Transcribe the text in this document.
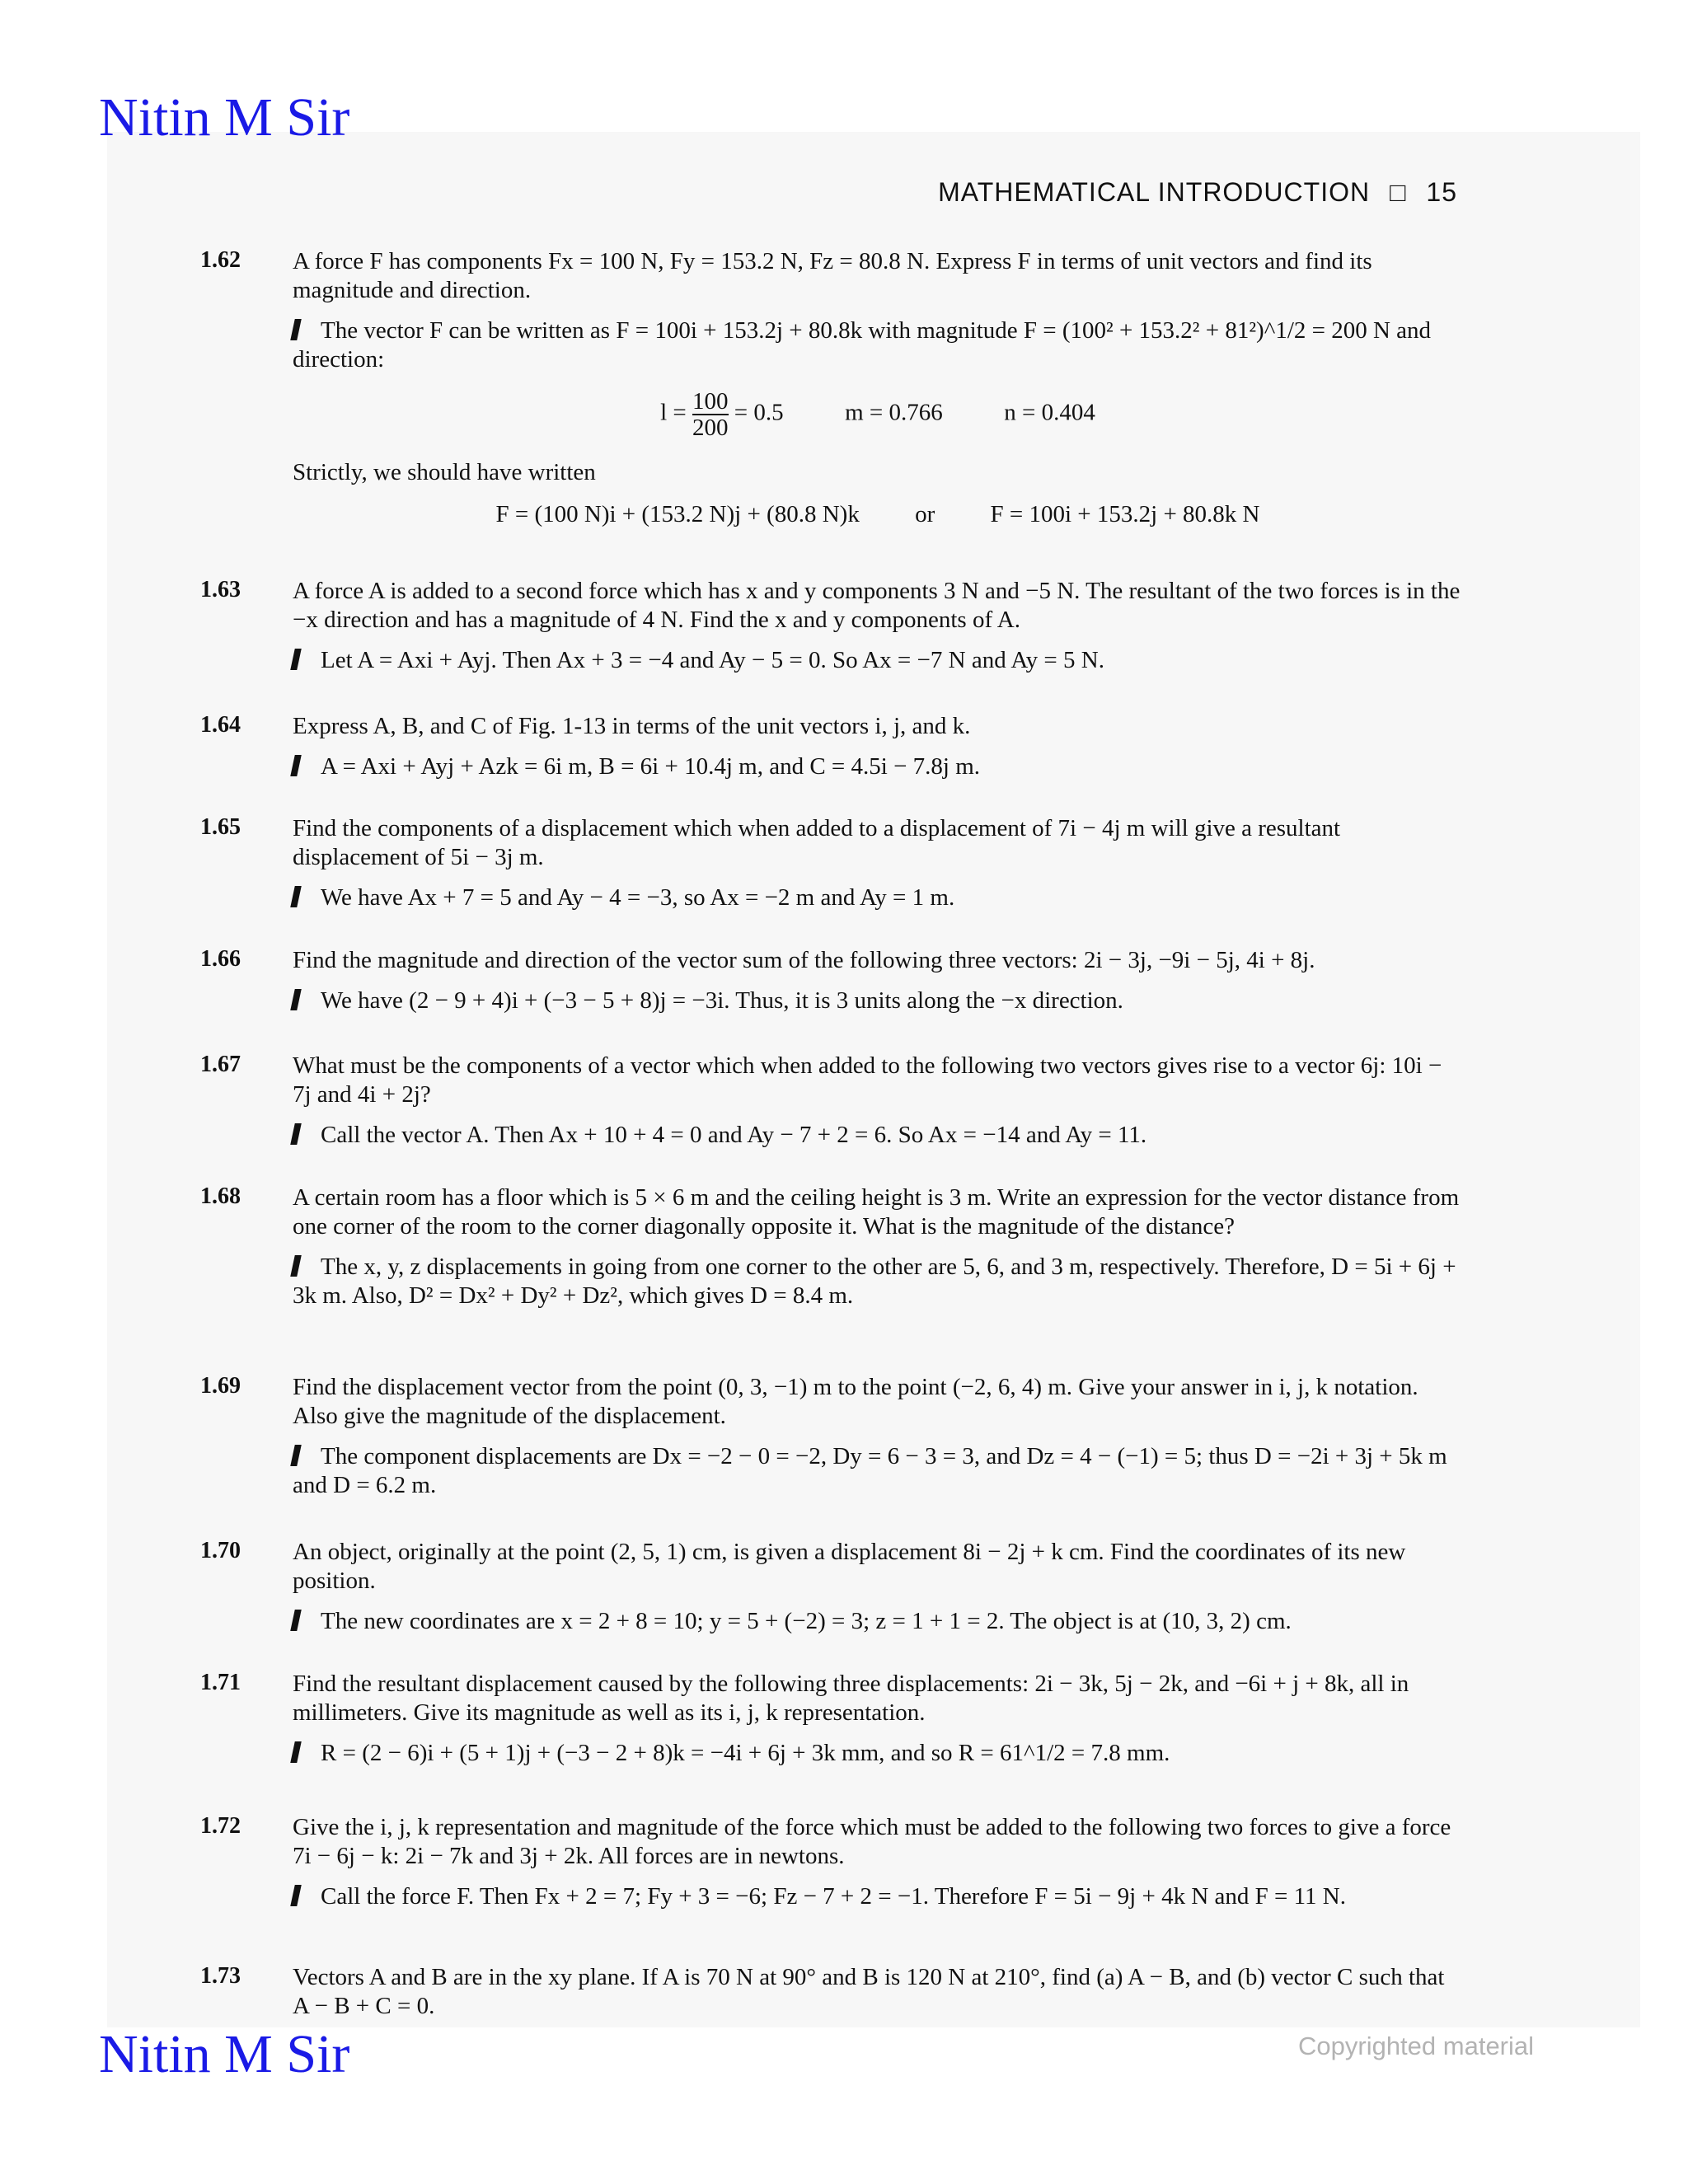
Nitin M Sir
MATHEMATICAL INTRODUCTION □ 15
1.62	A force F has components Fx = 100 N, Fy = 153.2 N, Fz = 80.8 N. Express F in terms of unit vectors and find its magnitude and direction.

The vector F can be written as F = 100i + 153.2j + 80.8k with magnitude F = (100² + 153.2² + 81²)^1/2 = 200 N and direction:

$l = \frac{100}{200} = 0.5$	m = 0.766	n = 0.404

Strictly, we should have written

F = (100 N)i + (153.2 N)j + (80.8 N)k or F = 100i + 153.2j + 80.8k N
1.63	A force A is added to a second force which has x and y components 3 N and −5 N. The resultant of the two forces is in the −x direction and has a magnitude of 4 N. Find the x and y components of A.

Let A = Axi + Ayj. Then Ax + 3 = −4 and Ay − 5 = 0. So Ax = −7 N and Ay = 5 N.

1.64	Express A, B, and C of Fig. 1-13 in terms of the unit vectors i, j, and k.

A = Axi + Ayj + Azk = 6i m, B = 6i + 10.4j m, and C = 4.5i − 7.8j m.

1.65	Find the components of a displacement which when added to a displacement of 7i − 4j m will give a resultant displacement of 5i − 3j m.

We have Ax + 7 = 5 and Ay − 4 = −3, so Ax = −2 m and Ay = 1 m.

1.66	Find the magnitude and direction of the vector sum of the following three vectors: 2i − 3j, −9i − 5j, 4i + 8j.

We have (2 − 9 + 4)i + (−3 − 5 + 8)j = −3i. Thus, it is 3 units along the −x direction.

1.67	What must be the components of a vector which when added to the following two vectors gives rise to a vector 6j: 10i − 7j and 4i + 2j?

Call the vector A. Then Ax + 10 + 4 = 0 and Ay − 7 + 2 = 6. So Ax = −14 and Ay = 11.

1.68	A certain room has a floor which is 5 × 6 m and the ceiling height is 3 m. Write an expression for the vector distance from one corner of the room to the corner diagonally opposite it. What is the magnitude of the distance?

The x, y, z displacements in going from one corner to the other are 5, 6, and 3 m, respectively. Therefore, D = 5i + 6j + 3k m. Also, D² = Dx² + Dy² + Dz², which gives D = 8.4 m.

1.69	Find the displacement vector from the point (0, 3, −1) m to the point (−2, 6, 4) m. Give your answer in i, j, k notation. Also give the magnitude of the displacement.

The component displacements are Dx = −2 − 0 = −2, Dy = 6 − 3 = 3, and Dz = 4 − (−1) = 5; thus D = −2i + 3j + 5k m and D = 6.2 m.

1.70	An object, originally at the point (2, 5, 1) cm, is given a displacement 8i − 2j + k cm. Find the coordinates of its new position.

The new coordinates are x = 2 + 8 = 10; y = 5 + (−2) = 3; z = 1 + 1 = 2. The object is at (10, 3, 2) cm.

1.71	Find the resultant displacement caused by the following three displacements: 2i − 3k, 5j − 2k, and −6i + j + 8k, all in millimeters. Give its magnitude as well as its i, j, k representation.

R = (2 − 6)i + (5 + 1)j + (−3 − 2 + 8)k = −4i + 6j + 3k mm, and so R = 61^1/2 = 7.8 mm.

1.72	Give the i, j, k representation and magnitude of the force which must be added to the following two forces to give a force 7i − 6j − k: 2i − 7k and 3j + 2k. All forces are in newtons.

Call the force F. Then Fx + 2 = 7; Fy + 3 = −6; Fz − 7 + 2 = −1. Therefore F = 5i − 9j + 4k N and F = 11 N.

1.73	Vectors A and B are in the xy plane. If A is 70 N at 90° and B is 120 N at 210°, find (a) A − B, and (b) vector C such that A − B + C = 0.

Nitin M Sir	Copyrighted material
